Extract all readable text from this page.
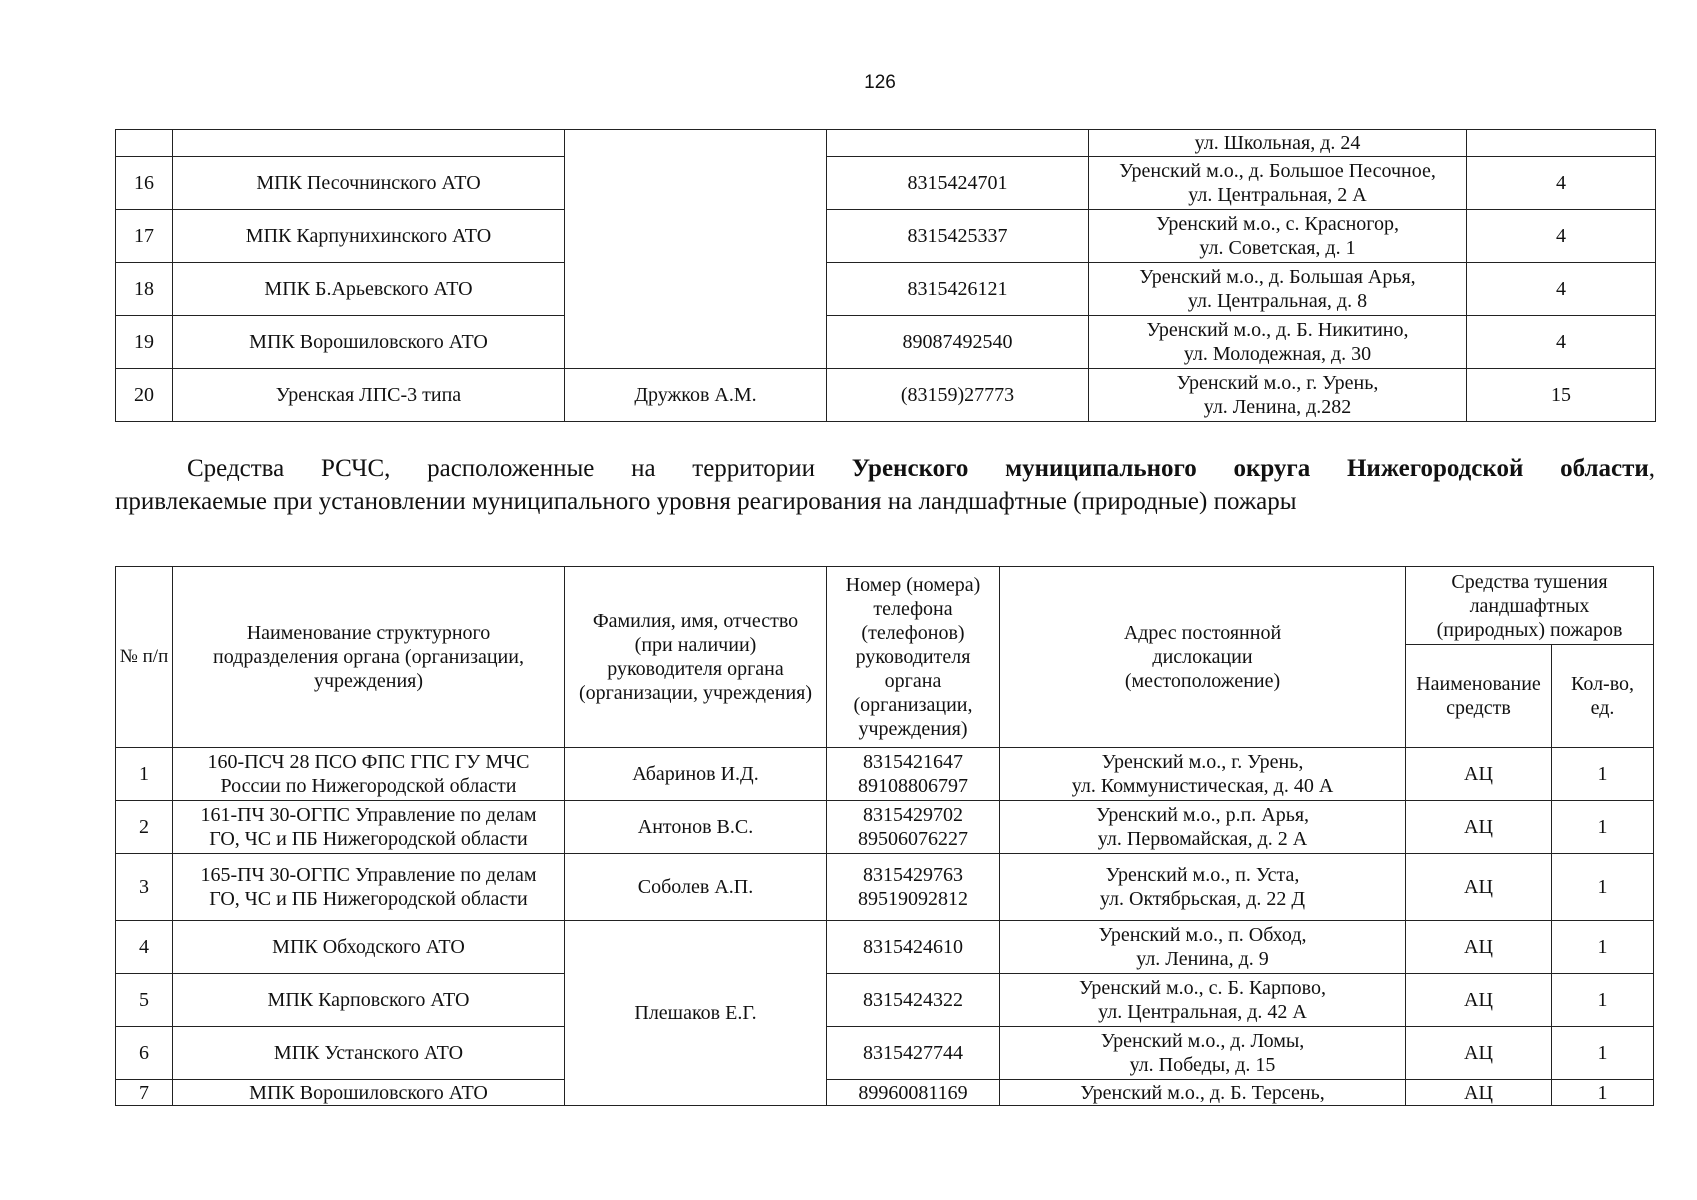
126
				ул. Школьная, д. 24	
16	МПК Песочнинского АТО		8315424701	Уренский м.о., д. Большое Песочное,
ул. Центральная, 2 А	4
17	МПК Карпунихинского АТО		8315425337	Уренский м.о., с. Красногор,
ул. Советская, д. 1	4
18	МПК Б.Арьевского АТО		8315426121	Уренский м.о., д. Большая Арья,
ул. Центральная, д. 8	4
19	МПК Ворошиловского АТО		89087492540	Уренский м.о., д. Б. Никитино,
ул. Молодежная, д. 30	4
20	Уренская ЛПС-3 типа	Дружков А.М.	(83159)27773	Уренский м.о., г. Урень,
ул. Ленина, д.282	15
Средства РСЧС, расположенные на территории Уренского муниципального округа Нижегородской области,
привлекаемые при установлении муниципального уровня реагирования на ландшафтные (природные) пожары
№ п/п	Наименование структурного подразделения органа (организации, учреждения)	Фамилия, имя, отчество (при наличии) руководителя органа (организации, учреждения)	Номер (номера) телефона (телефонов) руководителя органа (организации, учреждения)	Адрес постоянной дислокации (местоположение)	Средства тушения ландшафтных (природных) пожаров	
					Наименование средств	Кол-во, ед.
1	160-ПСЧ 28 ПСО ФПС ГПС ГУ МЧС
России по Нижегородской области	Абаринов И.Д.	8315421647
89108806797	Уренский м.о., г. Урень,
ул. Коммунистическая, д. 40 А	АЦ	1
2	161-ПЧ 30-ОГПС Управление по делам
ГО, ЧС и ПБ Нижегородской области	Антонов В.С.	8315429702
89506076227	Уренский м.о., р.п. Арья,
ул. Первомайская, д. 2 А	АЦ	1
3	165-ПЧ 30-ОГПС Управление по делам
ГО, ЧС и ПБ Нижегородской области	Соболев А.П.	8315429763
89519092812	Уренский м.о., п. Уста,
ул. Октябрьская, д. 22 Д	АЦ	1
4	МПК Обходского АТО	Плешаков Е.Г.	8315424610	Уренский м.о., п. Обход,
ул. Ленина, д. 9	АЦ	1
5	МПК Карповского АТО		8315424322	Уренский м.о., с. Б. Карпово,
ул. Центральная, д. 42 А	АЦ	1
6	МПК Устанского АТО		8315427744	Уренский м.о., д. Ломы,
ул. Победы, д. 15	АЦ	1
7	МПК Ворошиловского АТО		89960081169	Уренский м.о., д. Б. Терсень,	АЦ	1
